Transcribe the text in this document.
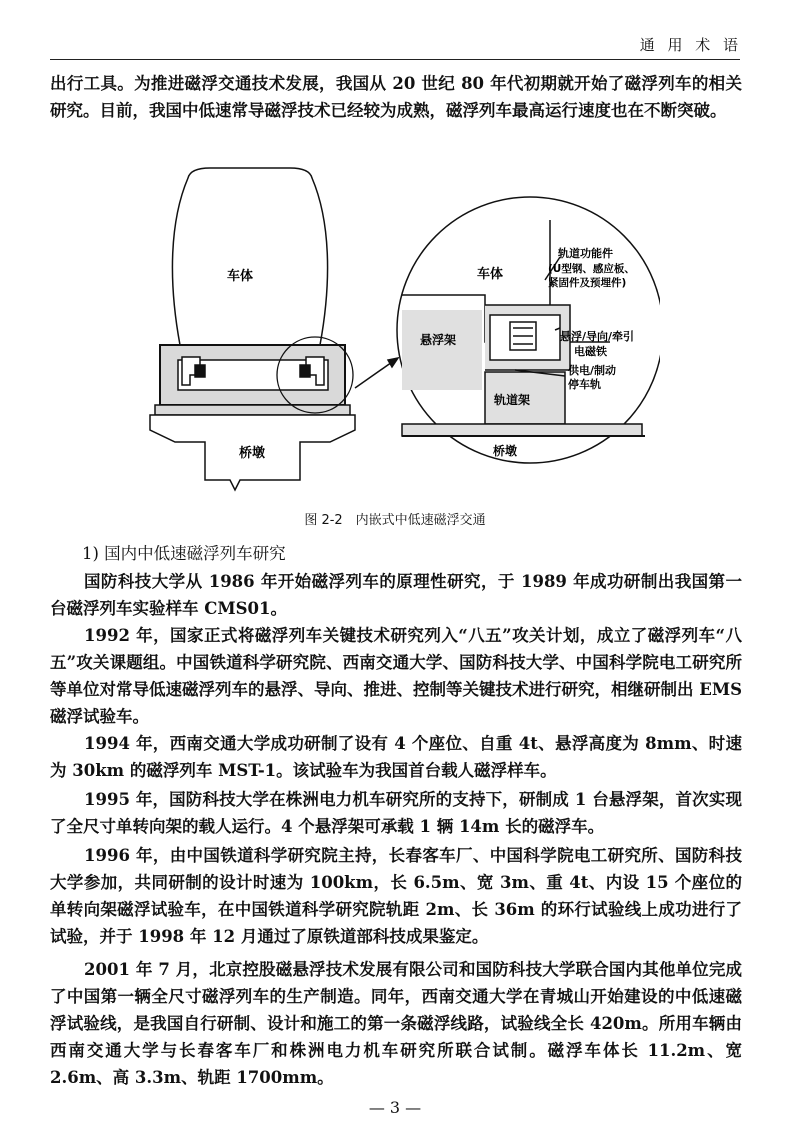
通 用 术 语

出行工具。为推进磁浮交通技术发展，我国从 20 世纪 80 年代初期就开始了磁浮列车的相关研究。目前，我国中低速常导磁浮技术已经较为成熟，磁浮列车最高运行速度也在不断突破。

车体
桥墩
车体
悬浮架
轨道架
桥墩
轨道功能件
(U型钢、感应板、
紧固件及预埋件)
悬浮/导向/牵引
电磁铁
供电/制动
停车轨
图 2-2　内嵌式中低速磁浮交通
1) 国内中低速磁浮列车研究

国防科技大学从 1986 年开始磁浮列车的原理性研究，于 1989 年成功研制出我国第一台磁浮列车实验样车 CMS01。

1992 年，国家正式将磁浮列车关键技术研究列入“八五”攻关计划，成立了磁浮列车“八五”攻关课题组。中国铁道科学研究院、西南交通大学、国防科技大学、中国科学院电工研究所等单位对常导低速磁浮列车的悬浮、导向、推进、控制等关键技术进行研究，相继研制出 EMS 磁浮试验车。

1994 年，西南交通大学成功研制了设有 4 个座位、自重 4t、悬浮高度为 8mm、时速为 30km 的磁浮列车 MST-1。该试验车为我国首台载人磁浮样车。

1995 年，国防科技大学在株洲电力机车研究所的支持下，研制成 1 台悬浮架，首次实现了全尺寸单转向架的载人运行。4 个悬浮架可承载 1 辆 14m 长的磁浮车。

1996 年，由中国铁道科学研究院主持，长春客车厂、中国科学院电工研究所、国防科技大学参加，共同研制的设计时速为 100km，长 6.5m、宽 3m、重 4t、内设 15 个座位的单转向架磁浮试验车，在中国铁道科学研究院轨距 2m、长 36m 的环行试验线上成功进行了试验，并于 1998 年 12 月通过了原铁道部科技成果鉴定。

2001 年 7 月，北京控股磁悬浮技术发展有限公司和国防科技大学联合国内其他单位完成了中国第一辆全尺寸磁浮列车的生产制造。同年，西南交通大学在青城山开始建设的中低速磁浮试验线，是我国自行研制、设计和施工的第一条磁浮线路，试验线全长 420m。所用车辆由西南交通大学与长春客车厂和株洲电力机车研究所联合试制。磁浮车体长 11.2m、宽 2.6m、高 3.3m、轨距 1700mm。

— 3 —
